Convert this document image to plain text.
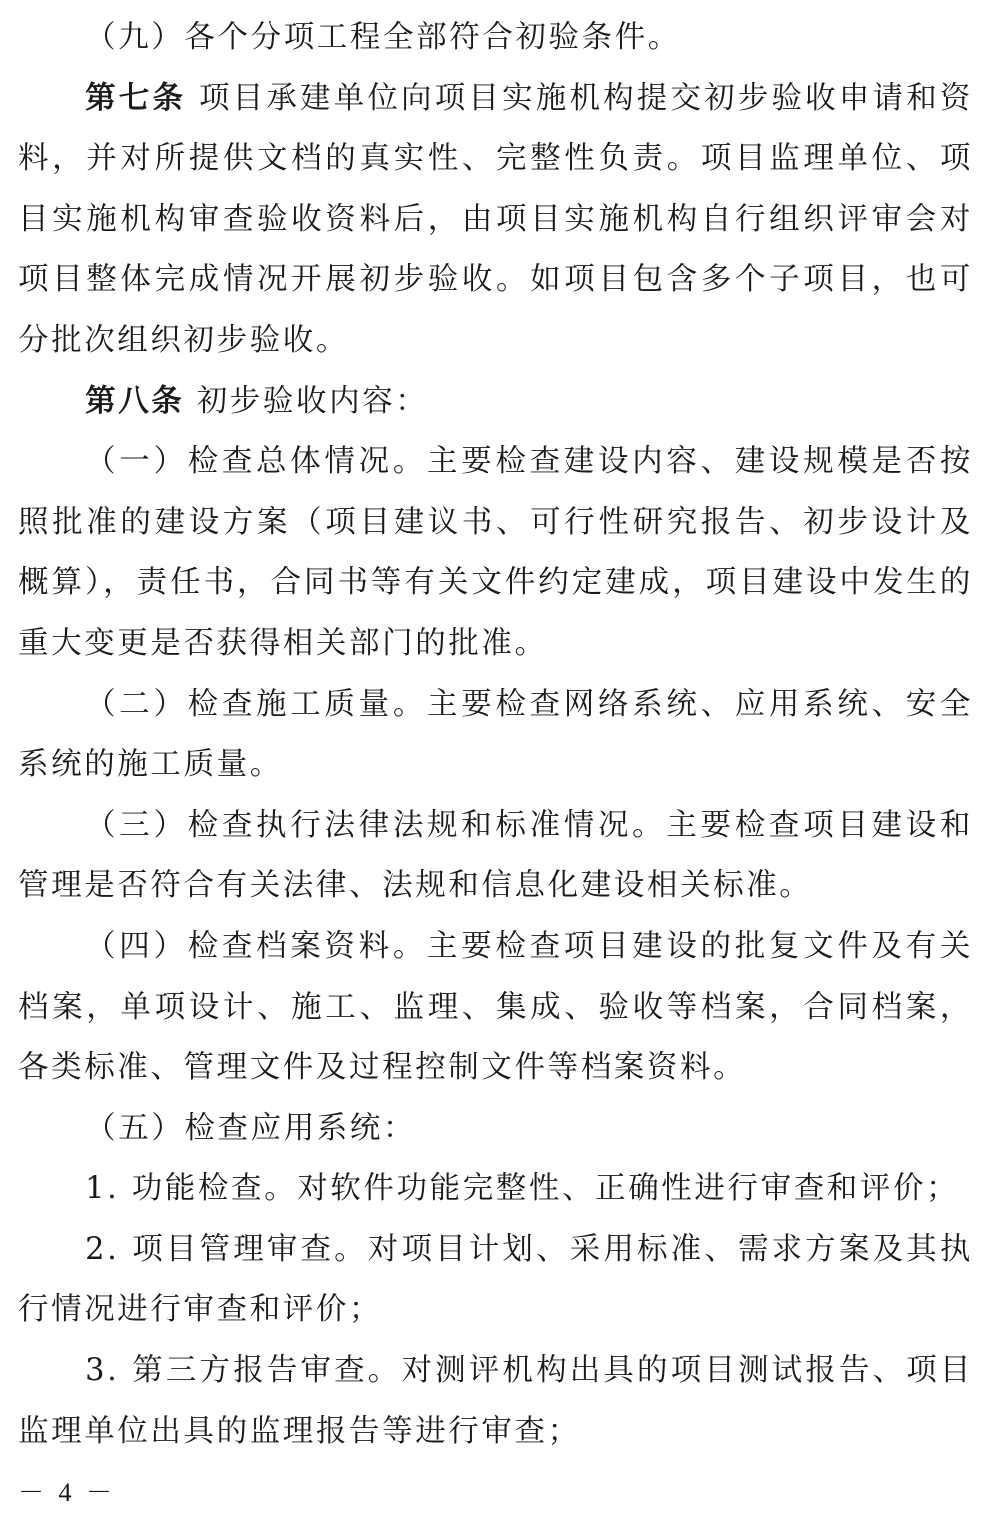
（九）各个分项工程全部符合初验条件。

第七条 项目承建单位向项目实施机构提交初步验收申请和资料，并对所提供文档的真实性、完整性负责。项目监理单位、项目实施机构审查验收资料后，由项目实施机构自行组织评审会对项目整体完成情况开展初步验收。如项目包含多个子项目，也可分批次组织初步验收。

第八条 初步验收内容：

（一）检查总体情况。主要检查建设内容、建设规模是否按照批准的建设方案（项目建议书、可行性研究报告、初步设计及概算），责任书，合同书等有关文件约定建成，项目建设中发生的重大变更是否获得相关部门的批准。

（二）检查施工质量。主要检查网络系统、应用系统、安全系统的施工质量。

（三）检查执行法律法规和标准情况。主要检查项目建设和管理是否符合有关法律、法规和信息化建设相关标准。

（四）检查档案资料。主要检查项目建设的批复文件及有关档案，单项设计、施工、监理、集成、验收等档案，合同档案，各类标准、管理文件及过程控制文件等档案资料。

（五）检查应用系统：

1. 功能检查。对软件功能完整性、正确性进行审查和评价；

2. 项目管理审查。对项目计划、采用标准、需求方案及其执行情况进行审查和评价；

3. 第三方报告审查。对测评机构出具的项目测试报告、项目监理单位出具的监理报告等进行审查；

－ 4 －
